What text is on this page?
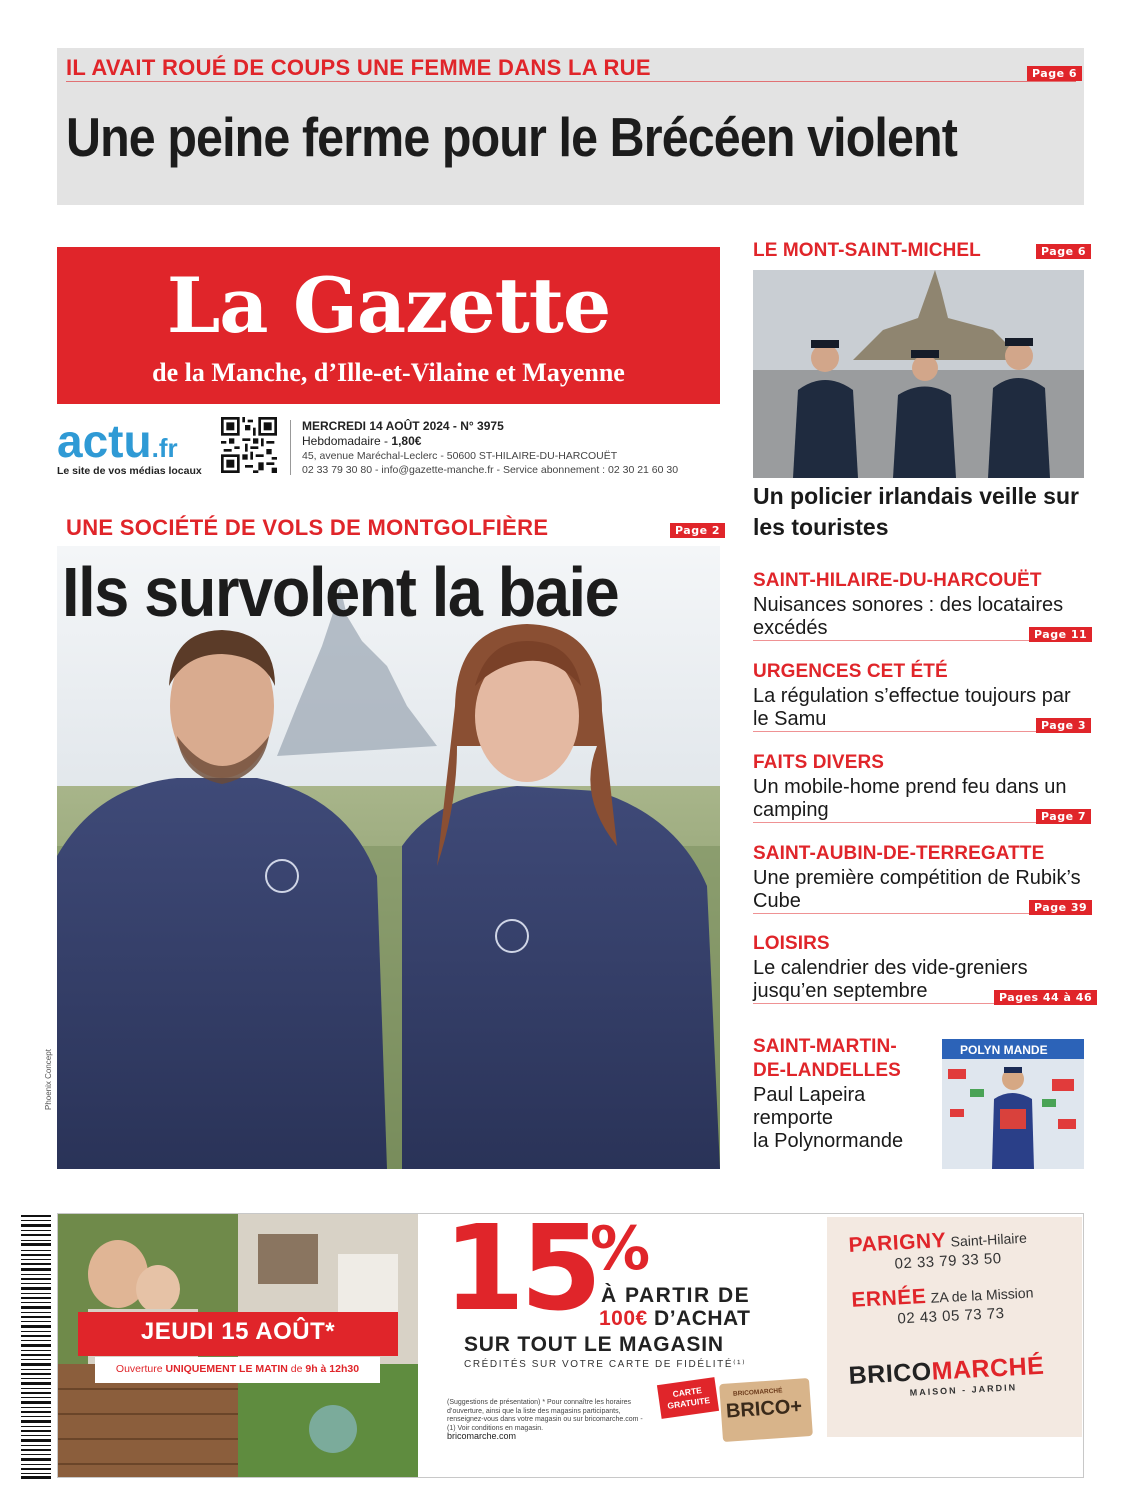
IL AVAIT ROUÉ DE COUPS UNE FEMME DANS LA RUE	Page 6
Une peine ferme pour le Brécéen violent
La Gazette
de la Manche, d’Ille-et-Vilaine et Mayenne
actu.fr
Le site de vos médias locaux
MERCREDI 14 AOÛT 2024 - N° 3975
Hebdomadaire - 1,80€
45, avenue Maréchal-Leclerc - 50600 ST-HILAIRE-DU-HARCOUËT
02 33 79 30 80 - info@gazette-manche.fr - Service abonnement : 02 30 21 60 30
UNE SOCIÉTÉ DE VOLS DE MONTGOLFIÈRE	Page 2
Ils survolent la baie
Phoenix Concept
LE MONT-SAINT-MICHEL	Page 6
Un policier irlandais veille sur les touristes
SAINT-HILAIRE-DU-HARCOUËT
Nuisances sonores : des locataires excédés	Page 11
URGENCES CET ÉTÉ
La régulation s’effectue toujours par le Samu	Page 3
FAITS DIVERS
Un mobile-home prend feu dans un camping	Page 7
SAINT-AUBIN-DE-TERREGATTE
Une première compétition de Rubik’s Cube	Page 39
LOISIRS
Le calendrier des vide-greniers jusqu’en septembre	Pages 44 à 46
SAINT-MARTIN-
DE-LANDELLES
Paul Lapeira
remporte
la Polynormande
POLYN MANDE
JEUDI 15 AOÛT*
Ouverture UNIQUEMENT LE MATIN de 9h à 12h30
15
%
À PARTIR DE
100€ D’ACHAT
SUR TOUT LE MAGASIN
CRÉDITÉS SUR VOTRE CARTE DE FIDÉLITÉ⁽¹⁾
(Suggestions de présentation) * Pour connaître les horaires d’ouverture, ainsi que la liste des magasins participants, renseignez-vous dans votre magasin ou sur bricomarche.com - (1) Voir conditions en magasin.
bricomarche.com
CARTE GRATUITE
BRICOMARCHÉ
BRICO+
PARIGNY Saint-Hilaire
02 33 79 33 50
ERNÉE ZA de la Mission
02 43 05 73 73
BRICOMARCHÉ
MAISON - JARDIN
